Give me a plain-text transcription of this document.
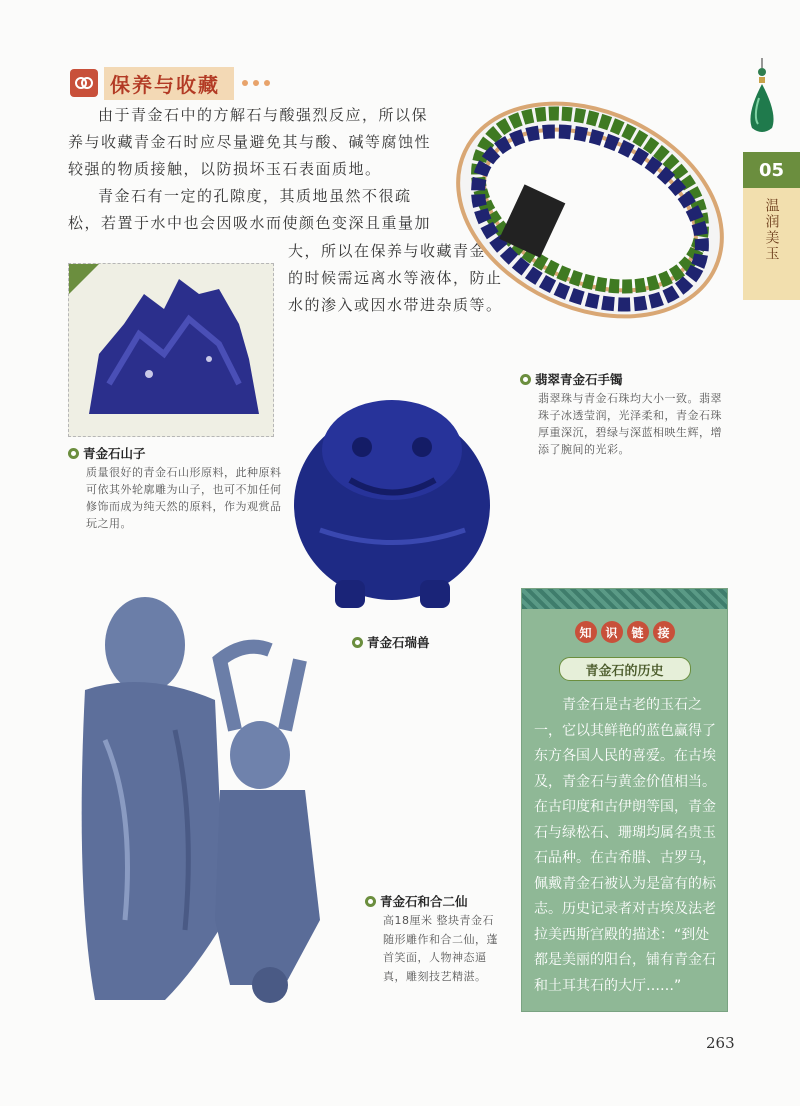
保养与收藏
由于青金石中的方解石与酸强烈反应，所以保养与收藏青金石时应尽量避免其与酸、碱等腐蚀性较强的物质接触，以防损坏玉石表面质地。
青金石有一定的孔隙度，其质地虽然不很疏松，若置于水中也会因吸水而使颜色变深且重量加
大，所以在保养与收藏青金石的时候需远离水等液体，防止水的渗入或因水带进杂质等。
05
温润美玉
青金石山子
质量很好的青金石山形原料，此种原料可依其外轮廓雕为山子，也可不加任何修饰而成为纯天然的原料，作为观赏品玩之用。
青金石瑞兽
翡翠青金石手镯
翡翠珠与青金石珠均大小一致。翡翠珠子冰透莹润，光泽柔和，青金石珠厚重深沉，碧绿与深蓝相映生辉，增添了腕间的光彩。
青金石和合二仙
高18厘米 整块青金石随形雕作和合二仙，蓬首笑面，人物神态逼真，雕刻技艺精湛。
知	识	链	接
青金石的历史
青金石是古老的玉石之一，它以其鲜艳的蓝色赢得了东方各国人民的喜爱。在古埃及，青金石与黄金价值相当。在古印度和古伊朗等国，青金石与绿松石、珊瑚均属名贵玉石品种。在古希腊、古罗马，佩戴青金石被认为是富有的标志。历史记录者对古埃及法老拉美西斯宫殿的描述：“到处都是美丽的阳台，铺有青金石和土耳其石的大厅……”
263
